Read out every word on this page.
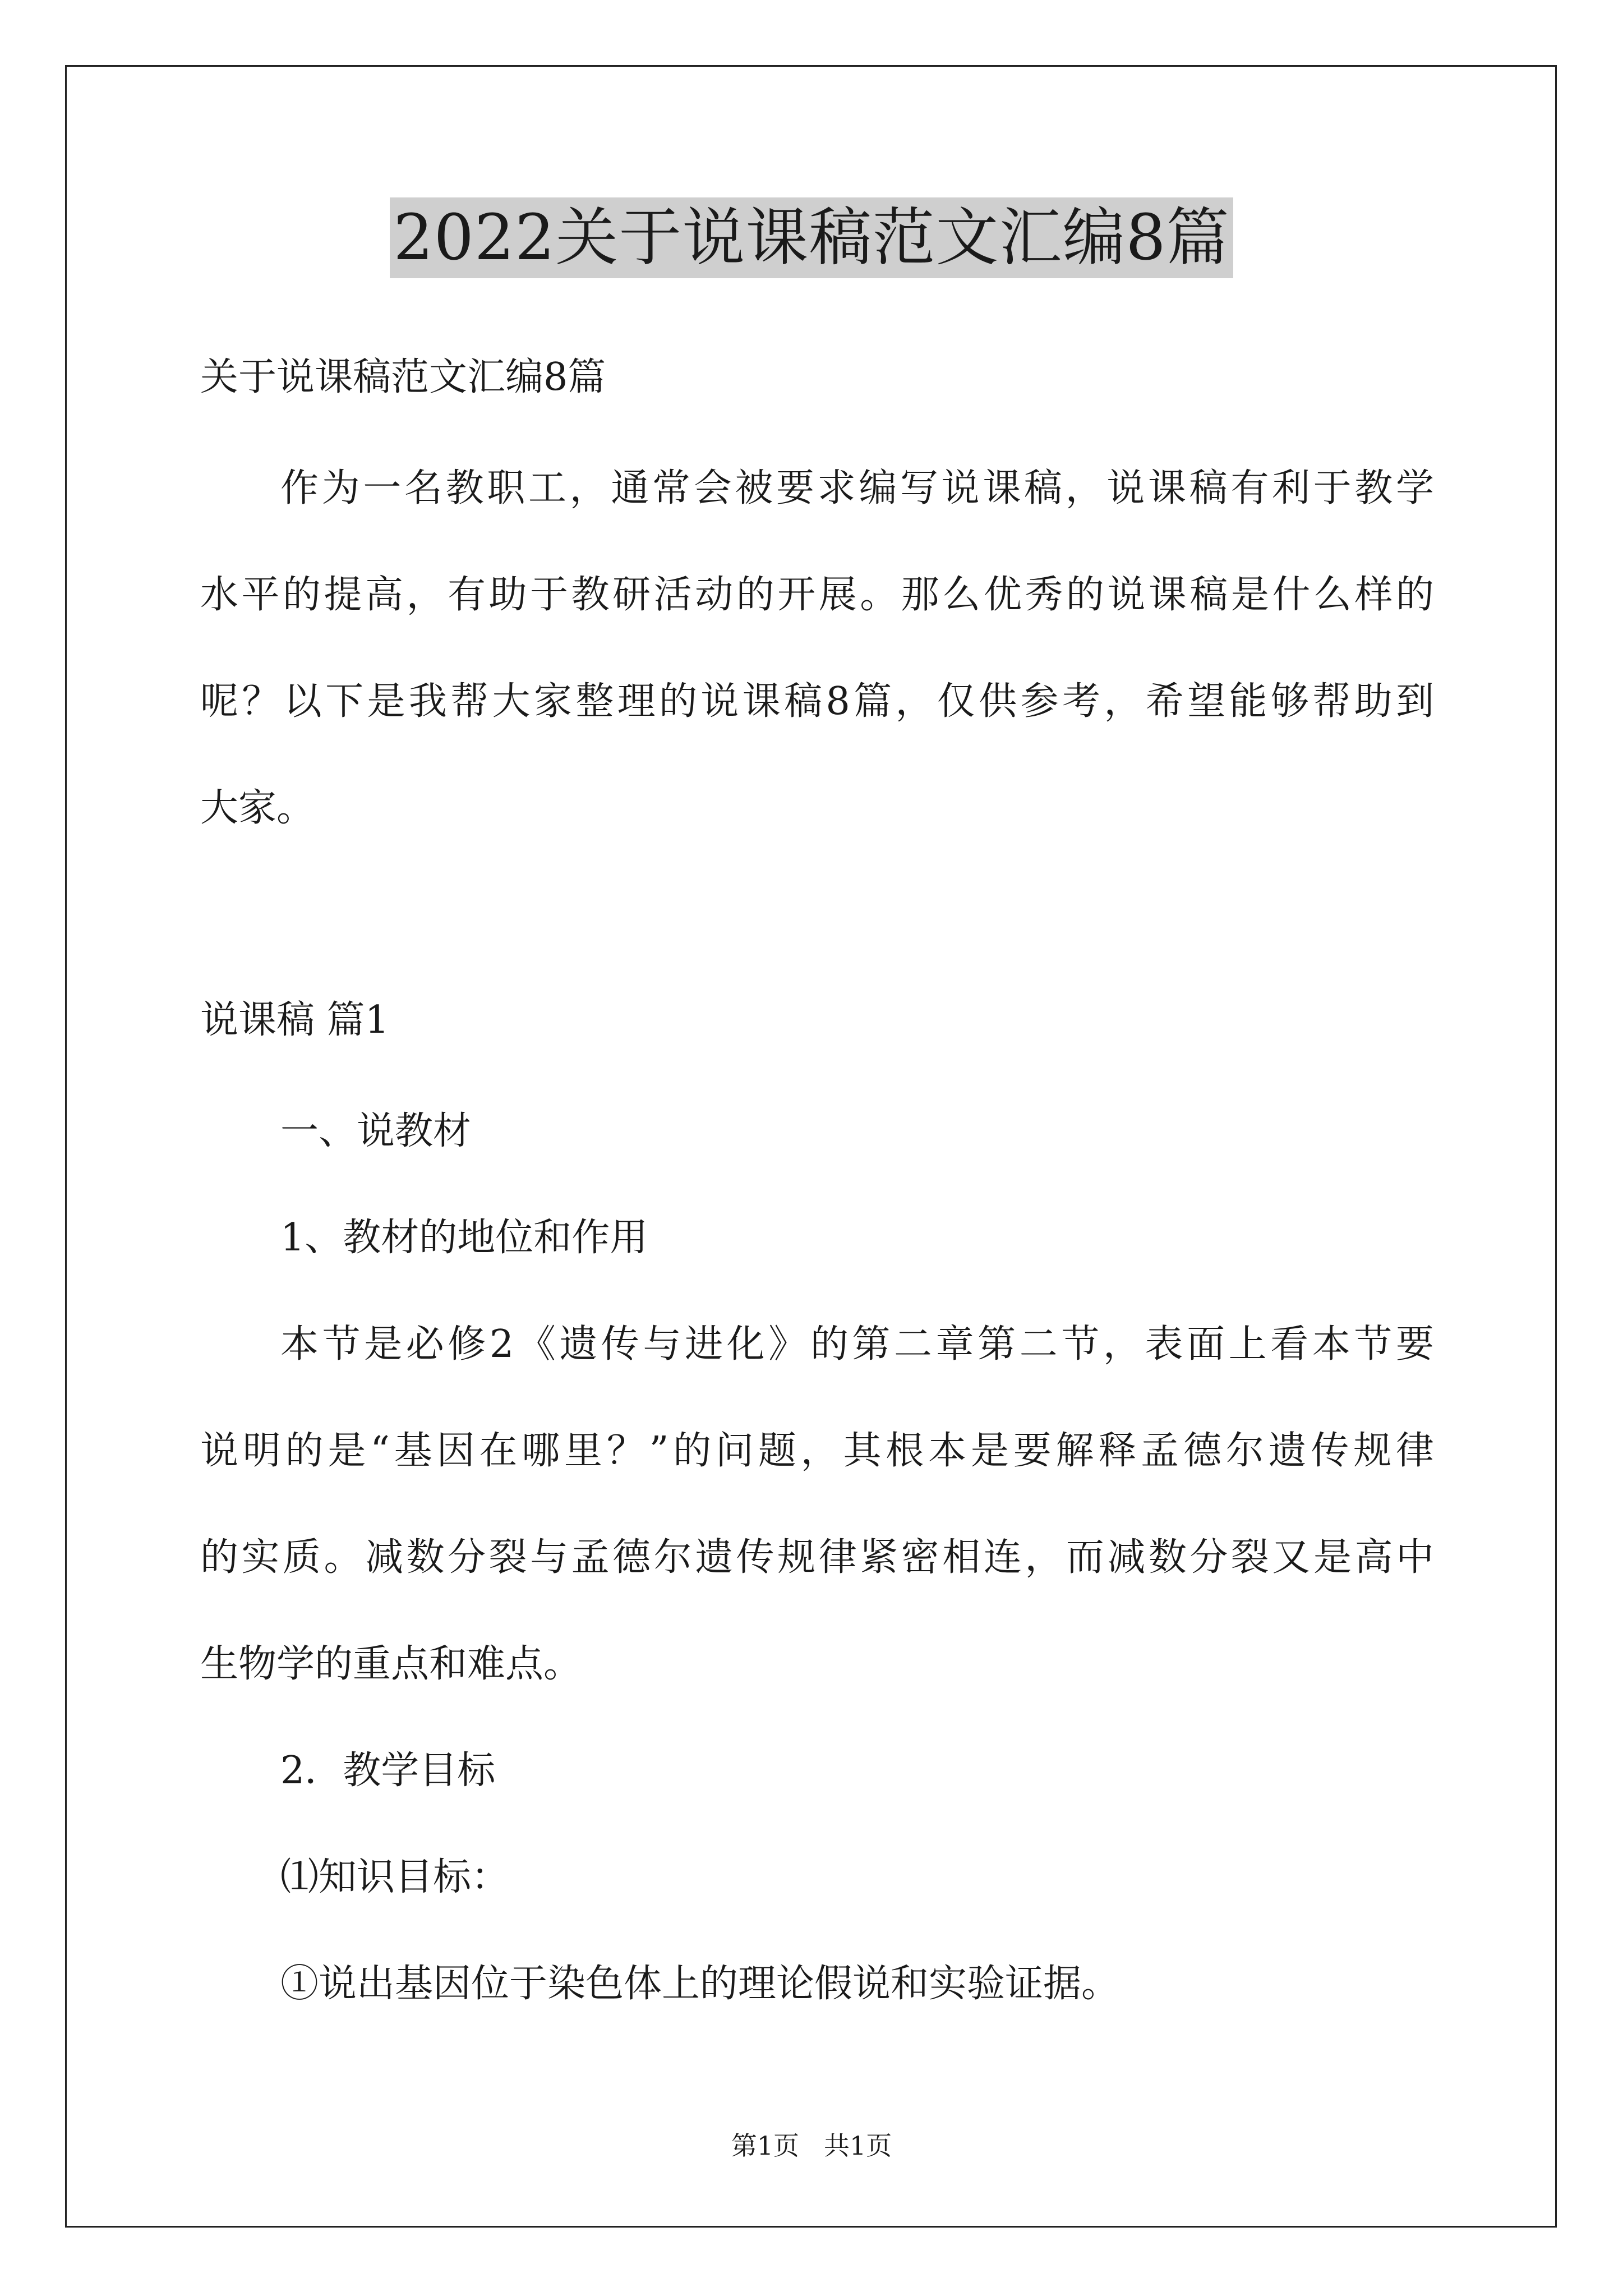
2022关于说课稿范文汇编8篇
关于说课稿范文汇编8篇
作为一名教职工，通常会被要求编写说课稿，说课稿有利于教学
水平的提高，有助于教研活动的开展。那么优秀的说课稿是什么样的
呢？以下是我帮大家整理的说课稿8篇，仅供参考，希望能够帮助到
大家。
说课稿 篇1
一、说教材
1、教材的地位和作用
本节是必修2《遗传与进化》的第二章第二节，表面上看本节要
说明的是“基因在哪里？”的问题，其根本是要解释孟德尔遗传规律
的实质。减数分裂与孟德尔遗传规律紧密相连，而减数分裂又是高中
生物学的重点和难点。
2．教学目标
⑴知识目标：
①说出基因位于染色体上的理论假说和实验证据。
第1页 共1页
